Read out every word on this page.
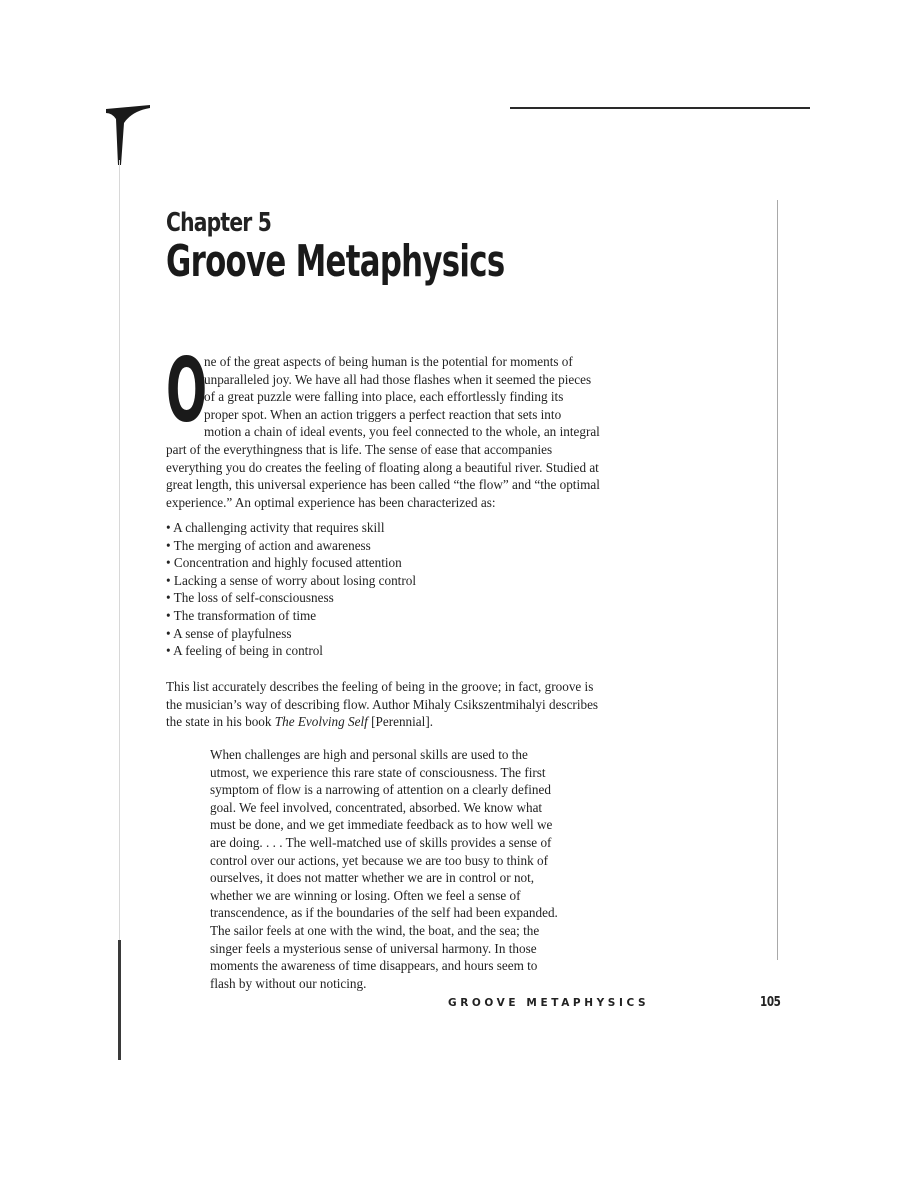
Chapter 5
Groove Metaphysics
O
ne of the great aspects of being human is the potential for moments of unparalleled joy. We have all had those flashes when it seemed the pieces of a great puzzle were falling into place, each effortlessly finding its proper spot. When an action triggers a perfect reaction that sets into motion a chain of ideal events, you feel connected to the whole, an integral part of the everythingness that is life. The sense of ease that accompanies everything you do creates the feeling of floating along a beautiful river. Studied at great length, this universal experience has been called “the flow” and “the optimal experience.” An optimal experience has been characterized as:
• A challenging activity that requires skill
• The merging of action and awareness
• Concentration and highly focused attention
• Lacking a sense of worry about losing control
• The loss of self-consciousness
• The transformation of time
• A sense of playfulness
• A feeling of being in control
This list accurately describes the feeling of being in the groove; in fact, groove is the musician’s way of describing flow. Author Mihaly Csikszentmihalyi describes the state in his book The Evolving Self [Perennial].
When challenges are high and personal skills are used to the utmost, we experience this rare state of consciousness. The first symptom of flow is a narrowing of attention on a clearly defined goal. We feel involved, concentrated, absorbed. We know what must be done, and we get immediate feedback as to how well we are doing. . . . The well-matched use of skills provides a sense of control over our actions, yet because we are too busy to think of ourselves, it does not matter whether we are in control or not, whether we are winning or losing. Often we feel a sense of transcendence, as if the boundaries of the self had been expanded. The sailor feels at one with the wind, the boat, and the sea; the singer feels a mysterious sense of universal harmony. In those moments the awareness of time disappears, and hours seem to flash by without our noticing.
GROOVE METAPHYSICS	105
